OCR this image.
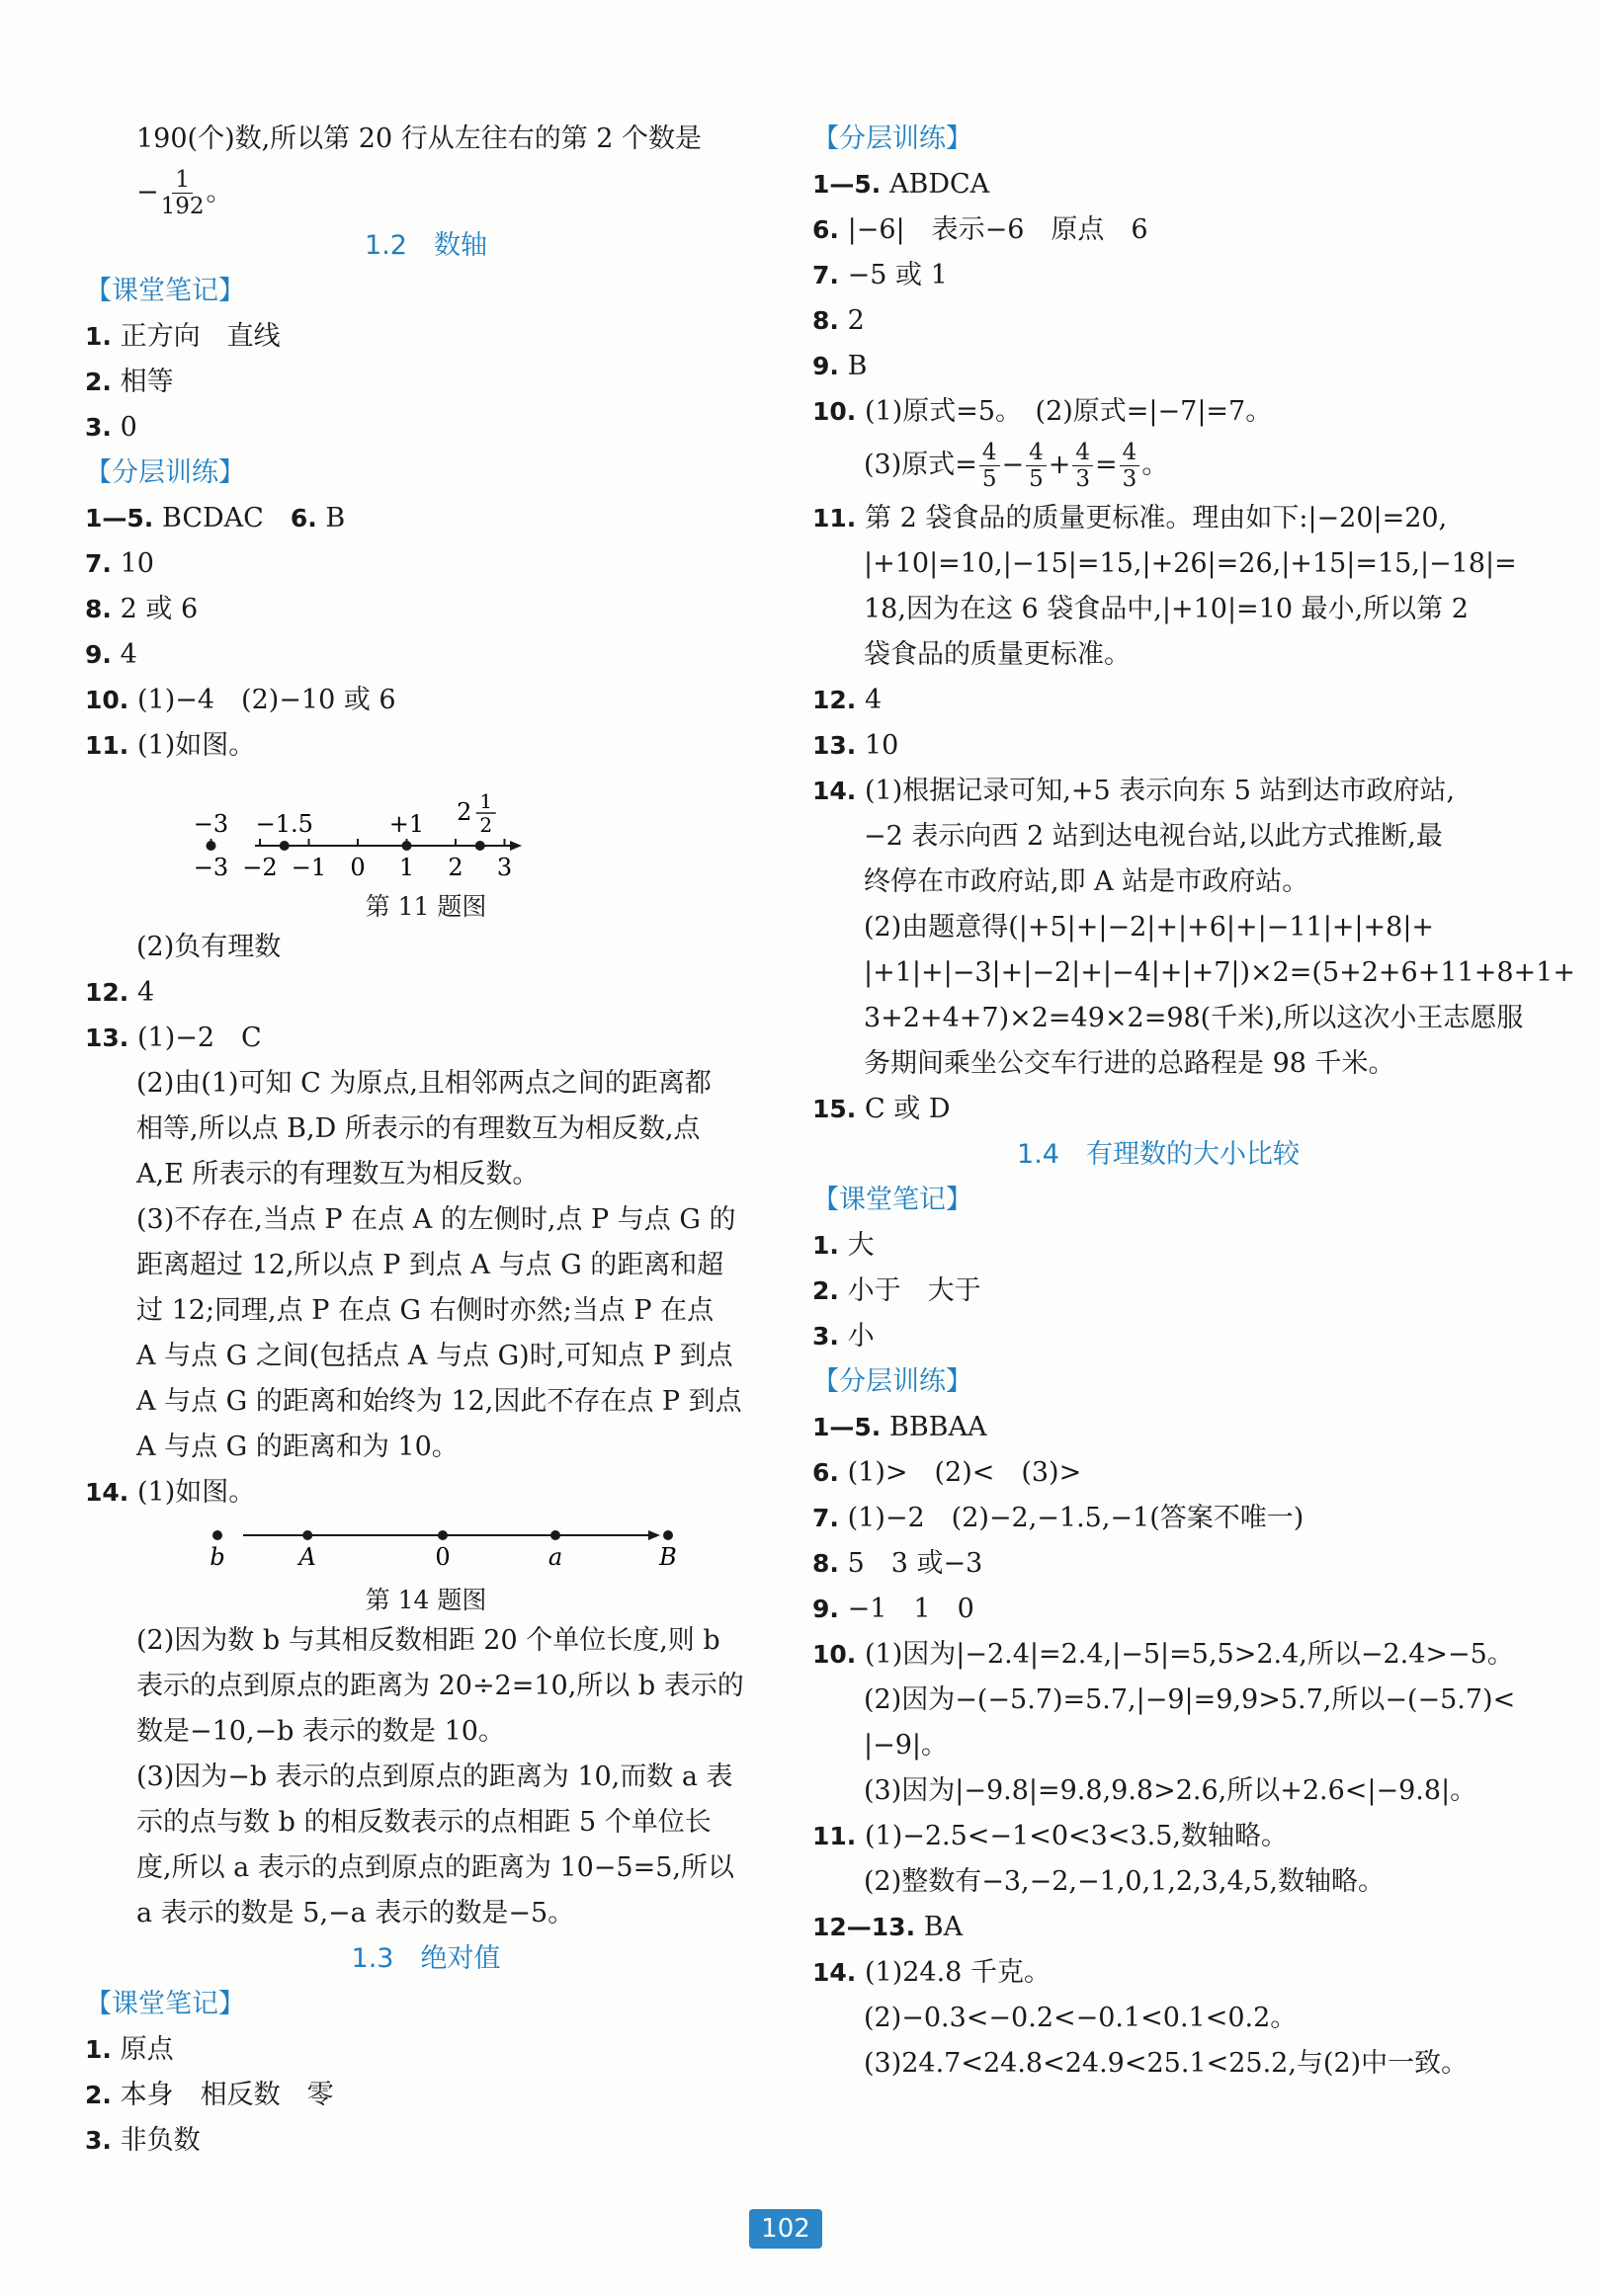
190(个)数,所以第 20 行从左往右的第 2 个数是
− $\frac{1}{192}$ 。
1.2　数轴
【课堂笔记】
1. 正方向　直线
2. 相等
3. 0
【分层训练】
1—5. BCDAC　6. B
7. 10
8. 2 或 6
9. 4
10. (1)−4　(2)−10 或 6
11. (1)如图。
−3 −2 −1 0 1 2 3
−3 −1.5	+1 2 1
2
第 11 题图
(2)负有理数
12. 4
13. (1)−2　C
(2)由(1)可知 C 为原点,且相邻两点之间的距离都
相等,所以点 B,D 所表示的有理数互为相反数,点
A,E 所表示的有理数互为相反数。
(3)不存在,当点 P 在点 A 的左侧时,点 P 与点 G 的
距离超过 12,所以点 P 到点 A 与点 G 的距离和超
过 12;同理,点 P 在点 G 右侧时亦然;当点 P 在点
A 与点 G 之间(包括点 A 与点 G)时,可知点 P 到点
A 与点 G 的距离和始终为 12,因此不存在点 P 到点
A 与点 G 的距离和为 10。
14. (1)如图。
b	A	0	a	B
第 14 题图
(2)因为数 b 与其相反数相距 20 个单位长度,则 b
表示的点到原点的距离为 20÷2=10,所以 b 表示的
数是−10,−b 表示的数是 10。
(3)因为−b 表示的点到原点的距离为 10,而数 a 表
示的点与数 b 的相反数表示的点相距 5 个单位长
度,所以 a 表示的点到原点的距离为 10−5=5,所以
a 表示的数是 5,−a 表示的数是−5。
1.3　绝对值
【课堂笔记】
1. 原点
2. 本身　相反数　零
3. 非负数
【分层训练】
1—5. ABDCA
6. |−6|　表示−6　原点　6
7. −5 或 1
8. 2
9. B
10. (1)原式=5。　(2)原式=|−7|=7。
(3)原式= $\frac{4}{5} - \frac{4}{5} + \frac{4}{3} = \frac{4}{3}$ 。
11. 第 2 袋食品的质量更标准。理由如下:|−20|=20,
|+10|=10,|−15|=15,|+26|=26,|+15|=15,|−18|=
18,因为在这 6 袋食品中,|+10|=10 最小,所以第 2
袋食品的质量更标准。
12. 4
13. 10
14. (1)根据记录可知,+5 表示向东 5 站到达市政府站,
−2 表示向西 2 站到达电视台站,以此方式推断,最
终停在市政府站,即 A 站是市政府站。
(2)由题意得(|+5|+|−2|+|+6|+|−11|+|+8|+
|+1|+|−3|+|−2|+|−4|+|+7|)×2=(5+2+6+11+8+1+
3+2+4+7)×2=49×2=98(千米),所以这次小王志愿服
务期间乘坐公交车行进的总路程是 98 千米。
15. C 或 D
1.4　有理数的大小比较
【课堂笔记】
1. 大
2. 小于　大于
3. 小
【分层训练】
1—5. BBBAA
6. (1)>　(2)<　(3)>
7. (1)−2　(2)−2,−1.5,−1(答案不唯一)
8. 5　3 或−3
9. −1　1　0
10. (1)因为|−2.4|=2.4,|−5|=5,5>2.4,所以−2.4>−5。
(2)因为−(−5.7)=5.7,|−9|=9,9>5.7,所以−(−5.7)<
|−9|。
(3)因为|−9.8|=9.8,9.8>2.6,所以+2.6<|−9.8|。
11. (1)−2.5<−1<0<3<3.5,数轴略。
(2)整数有−3,−2,−1,0,1,2,3,4,5,数轴略。
12—13. BA
14. (1)24.8 千克。
(2)−0.3<−0.2<−0.1<0.1<0.2。
(3)24.7<24.8<24.9<25.1<25.2,与(2)中一致。
102
